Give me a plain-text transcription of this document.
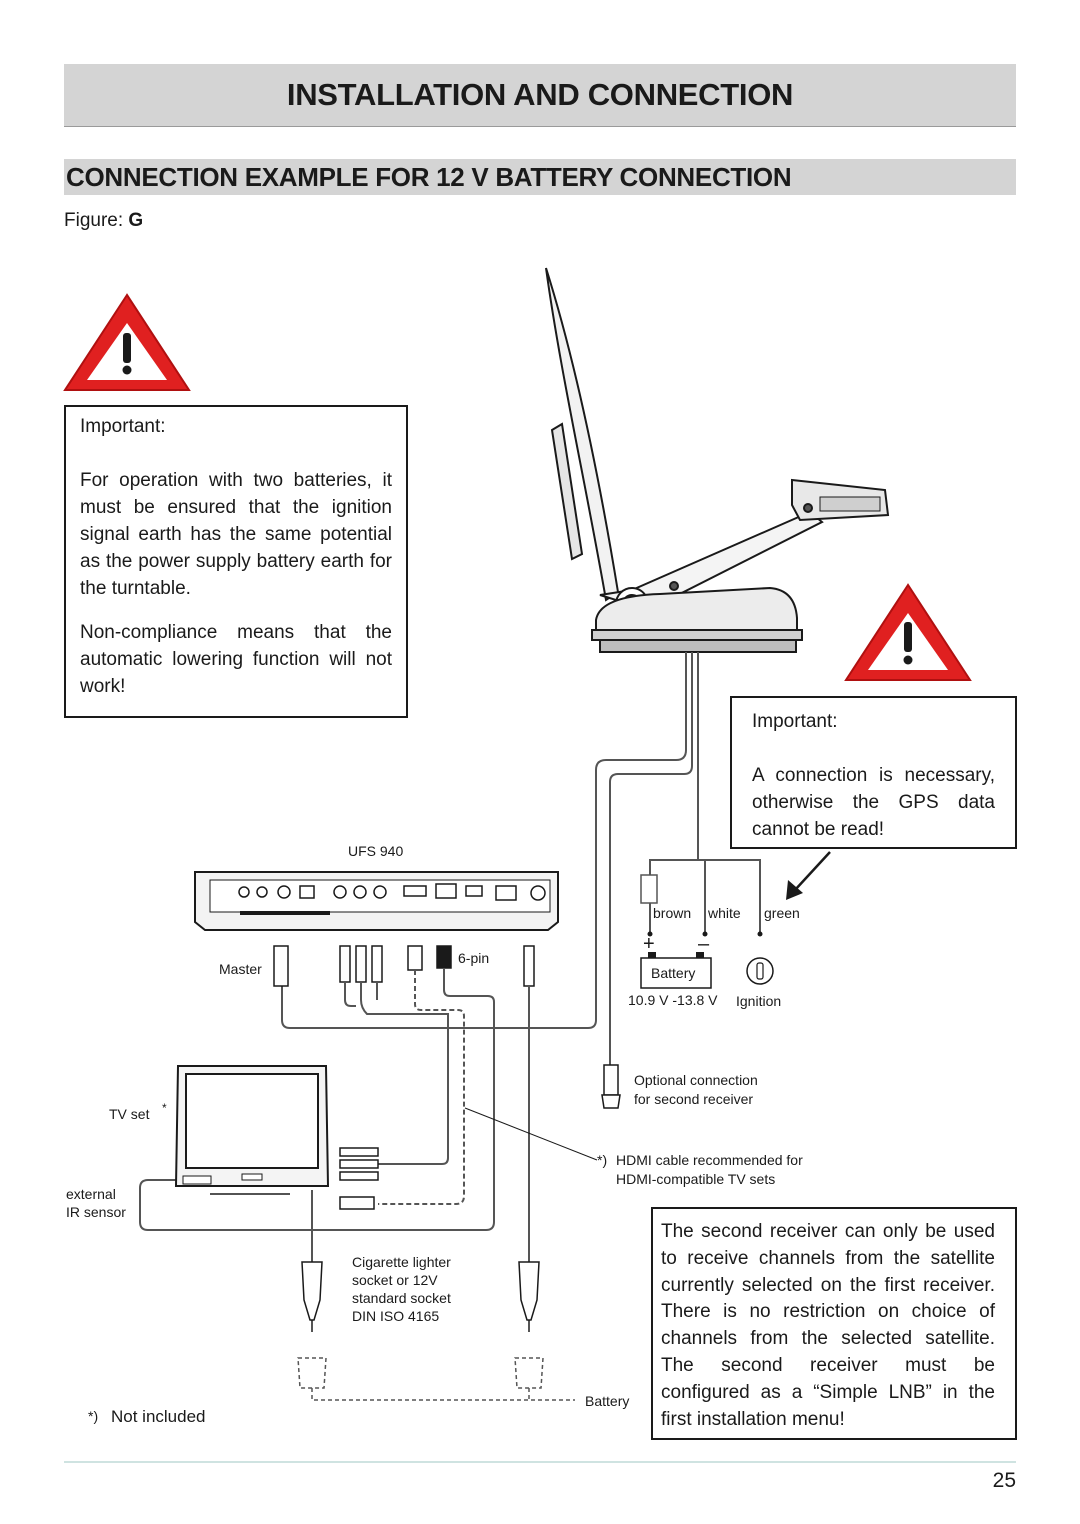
INSTALLATION AND CONNECTION
CONNECTION EXAMPLE FOR 12 V BATTERY CONNECTION
Figure: G
UFS 940
Master
6-pin
brown white green
+ –
Battery
10.9 V -13.8 V Ignition
Optional connection
for second receiver
TV set *
external
IR sensor
*) HDMI cable recommended for
HDMI-compatible TV sets
Cigarette lighter
socket or 12V
standard socket
DIN ISO 4165
Battery
*) Not included

Important:

For operation with two batteries, it must be ensured that the ignition signal earth has the same potential as the power supply battery earth for the turntable.

Non-compliance means that the automatic lowering function will not work!

Important:

A connection is necessary, otherwise the GPS data cannot be read!

The second receiver can only be used to receive channels from the satellite currently selected on the first receiver. There is no restriction on choice of channels from the selected satellite. The second receiver must be configured as a “Simple LNB” in the first installation menu!

25
